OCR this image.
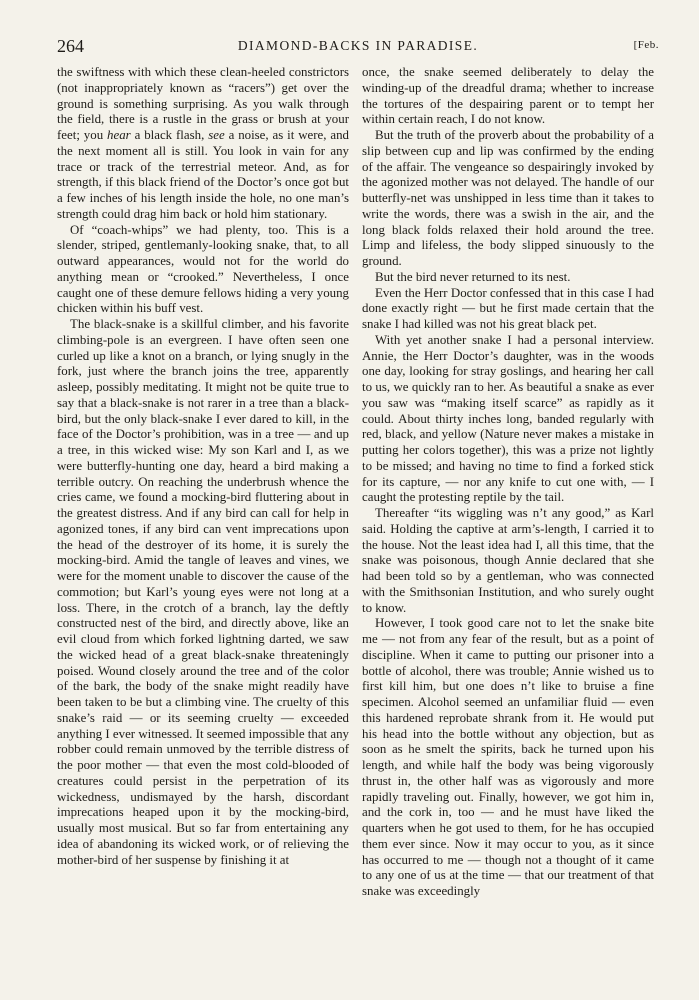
264	DIAMOND-BACKS IN PARADISE.	[Feb.

the swiftness with which these clean-heeled constrictors (not inappropriately known as “racers”) get over the ground is something surprising. As you walk through the field, there is a rustle in the grass or brush at your feet; you hear a black flash, see a noise, as it were, and the next moment all is still. You look in vain for any trace or track of the terrestrial meteor. And, as for strength, if this black friend of the Doctor’s once got but a few inches of his length inside the hole, no one man’s strength could drag him back or hold him stationary.

Of “coach-whips” we had plenty, too. This is a slender, striped, gentlemanly-looking snake, that, to all outward appearances, would not for the world do anything mean or “crooked.” Nevertheless, I once caught one of these demure fellows hiding a very young chicken within his buff vest.

The black-snake is a skillful climber, and his favorite climbing-pole is an evergreen. I have often seen one curled up like a knot on a branch, or lying snugly in the fork, just where the branch joins the tree, apparently asleep, possibly meditating. It might not be quite true to say that a black-snake is not rarer in a tree than a black-bird, but the only black-snake I ever dared to kill, in the face of the Doctor’s prohibition, was in a tree — and up a tree, in this wicked wise: My son Karl and I, as we were butterfly-hunting one day, heard a bird making a terrible outcry. On reaching the underbrush whence the cries came, we found a mocking-bird fluttering about in the greatest distress. And if any bird can call for help in agonized tones, if any bird can vent imprecations upon the head of the destroyer of its home, it is surely the mocking-bird. Amid the tangle of leaves and vines, we were for the moment unable to discover the cause of the commotion; but Karl’s young eyes were not long at a loss. There, in the crotch of a branch, lay the deftly constructed nest of the bird, and directly above, like an evil cloud from which forked lightning darted, we saw the wicked head of a great black-snake threateningly poised. Wound closely around the tree and of the color of the bark, the body of the snake might readily have been taken to be but a climbing vine. The cruelty of this snake’s raid — or its seeming cruelty — exceeded anything I ever witnessed. It seemed impossible that any robber could remain unmoved by the terrible distress of the poor mother — that even the most cold-blooded of creatures could persist in the perpetration of its wickedness, undismayed by the harsh, discordant imprecations heaped upon it by the mocking-bird, usually most musical. But so far from entertaining any idea of abandoning its wicked work, or of relieving the mother-bird of her suspense by finishing it at

once, the snake seemed deliberately to delay the winding-up of the dreadful drama; whether to increase the tortures of the despairing parent or to tempt her within certain reach, I do not know.

But the truth of the proverb about the probability of a slip between cup and lip was confirmed by the ending of the affair. The vengeance so despairingly invoked by the agonized mother was not delayed. The handle of our butterfly-net was unshipped in less time than it takes to write the words, there was a swish in the air, and the long black folds relaxed their hold around the tree. Limp and lifeless, the body slipped sinuously to the ground.

But the bird never returned to its nest.

Even the Herr Doctor confessed that in this case I had done exactly right — but he first made certain that the snake I had killed was not his great black pet.

With yet another snake I had a personal interview. Annie, the Herr Doctor’s daughter, was in the woods one day, looking for stray goslings, and hearing her call to us, we quickly ran to her. As beautiful a snake as ever you saw was “making itself scarce” as rapidly as it could. About thirty inches long, banded regularly with red, black, and yellow (Nature never makes a mistake in putting her colors together), this was a prize not lightly to be missed; and having no time to find a forked stick for its capture, — nor any knife to cut one with, — I caught the protesting reptile by the tail.

Thereafter “its wiggling was n’t any good,” as Karl said. Holding the captive at arm’s-length, I carried it to the house. Not the least idea had I, all this time, that the snake was poisonous, though Annie declared that she had been told so by a gentleman, who was connected with the Smithsonian Institution, and who surely ought to know.

However, I took good care not to let the snake bite me — not from any fear of the result, but as a point of discipline. When it came to putting our prisoner into a bottle of alcohol, there was trouble; Annie wished us to first kill him, but one does n’t like to bruise a fine specimen. Alcohol seemed an unfamiliar fluid — even this hardened reprobate shrank from it. He would put his head into the bottle without any objection, but as soon as he smelt the spirits, back he turned upon his length, and while half the body was being vigorously thrust in, the other half was as vigorously and more rapidly traveling out. Finally, however, we got him in, and the cork in, too — and he must have liked the quarters when he got used to them, for he has occupied them ever since. Now it may occur to you, as it since has occurred to me — though not a thought of it came to any one of us at the time — that our treatment of that snake was exceedingly
